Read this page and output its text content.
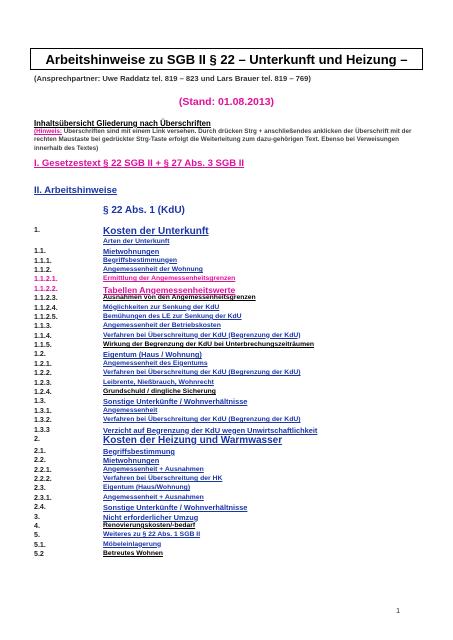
Arbeitshinweise zu SGB II § 22 – Unterkunft und Heizung –
(Ansprechpartner: Uwe Raddatz tel. 819 – 823 und Lars Brauer tel. 819 – 769)
(Stand: 01.08.2013)
Inhaltsübersicht Gliederung nach Überschriften
(Hinweis: Überschriften sind mit einem Link versehen. Durch drücken Strg + anschließendes anklicken der Überschrift mit der rechten Maustaste bei gedrückter Strg-Taste erfolgt die Weiterleitung zum dazu-gehörigen Text. Ebenso bei Verweisungen innerhalb des Textes)
I. Gesetzestext § 22 SGB II + § 27 Abs. 3 SGB II
II. Arbeitshinweise
§ 22 Abs. 1 (KdU)
1.	Kosten der Unterkunft
Arten der Unterkunft
1.1.	Mietwohnungen
1.1.1.	Begriffsbestimmungen
1.1.2.	Angemessenheit der Wohnung
1.1.2.1.	Ermittlung der Angemessenheitsgrenzen
1.1.2.2.	Tabellen Angemessenheitswerte
1.1.2.3.	Ausnahmen von den Angemessenheitsgrenzen
1.1.2.4.	Möglichkeiten zur Senkung der KdU
1.1.2.5.	Bemühungen des LE zur Senkung der KdU
1.1.3.	Angemessenheit der Betriebskosten
1.1.4.	Verfahren bei Überschreitung der KdU (Begrenzung der KdU)
1.1.5.	Wirkung der Begrenzung der KdU bei Unterbrechungszeiträumen
1.2.	Eigentum (Haus / Wohnung)
1.2.1.	Angemessenheit des Eigentums
1.2.2.	Verfahren bei Überschreitung der KdU (Begrenzung der KdU)
1.2.3.	Leibrente, Nießbrauch, Wohnrecht
1.2.4.	Grundschuld / dingliche Sicherung
1.3.	Sonstige Unterkünfte / Wohnverhältnisse
1.3.1.	Angemessenheit
1.3.2.	Verfahren bei Überschreitung der KdU (Begrenzung der KdU)
1.3.3	Verzicht auf Begrenzung der KdU wegen Unwirtschaftlichkeit
2.	Kosten der Heizung und Warmwasser
2.1.	Begriffsbestimmung
2.2.	Mietwohnungen
2.2.1.	Angemessenheit + Ausnahmen
2.2.2.	Verfahren bei Überschreitung der HK
2.3.	Eigentum (Haus/Wohnung)
2.3.1.	Angemessenheit + Ausnahmen
2.4.	Sonstige Unterkünfte / Wohnverhältnisse
3.	Nicht erforderlicher Umzug
4.	Renovierungskosten/-bedarf
5.	Weiteres zu § 22 Abs. 1 SGB II
5.1.	Möbeleinlagerung
5.2	Betreutes Wohnen
1
